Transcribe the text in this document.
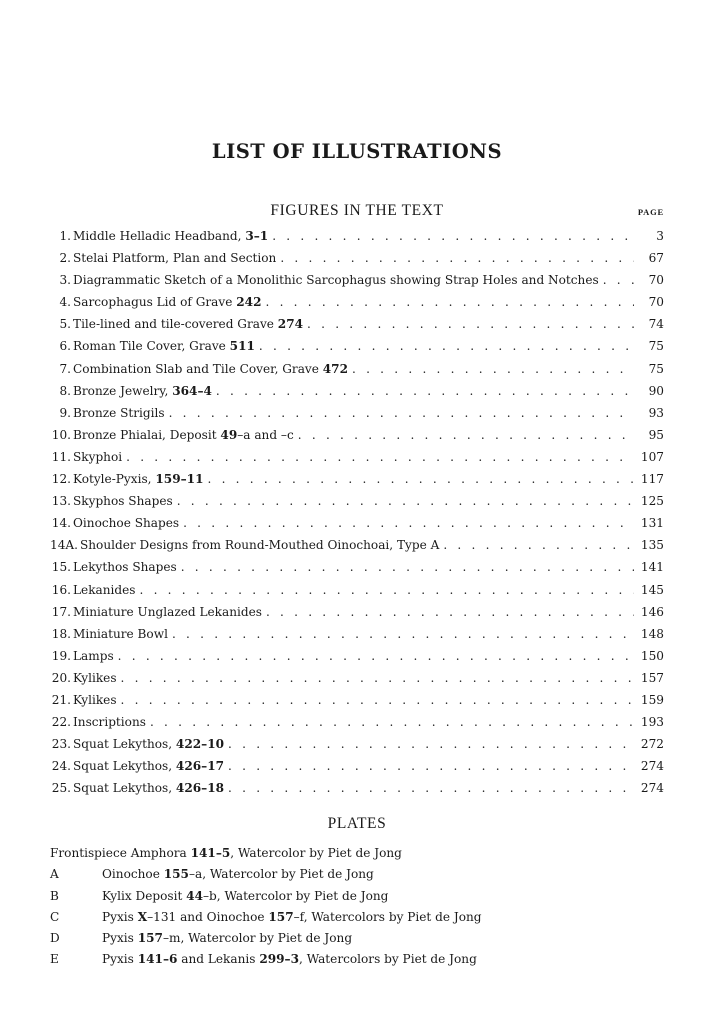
LIST OF ILLUSTRATIONS
FIGURES IN THE TEXT	PAGE
1. Middle Helladic Headband, 3–1 . . .	3
2. Stelai Platform, Plan and Section . . .	67
3. Diagrammatic Sketch of a Monolithic Sarcophagus showing Strap Holes and Notches . . .	70
4. Sarcophagus Lid of Grave 242 . . .	70
5. Tile-lined and tile-covered Grave 274 . . .	74
6. Roman Tile Cover, Grave 511 . . .	75
7. Combination Slab and Tile Cover, Grave 472 . . .	75
8. Bronze Jewelry, 364–4 . . .	90
9. Bronze Strigils . . .	93
10. Bronze Phialai, Deposit 49–a and –c . . .	95
11. Skyphoi . . .	107
12. Kotyle-Pyxis, 159–11 . . .	117
13. Skyphos Shapes . . .	125
14. Oinochoe Shapes . . .	131
14A. Shoulder Designs from Round-Mouthed Oinochoai, Type A . . .	135
15. Lekythos Shapes . . .	141
16. Lekanides . . .	145
17. Miniature Unglazed Lekanides . . .	146
18. Miniature Bowl . . .	148
19. Lamps . . .	150
20. Kylikes . . .	157
21. Kylikes . . .	159
22. Inscriptions . . .	193
23. Squat Lekythos, 422–10 . . .	272
24. Squat Lekythos, 426–17 . . .	274
25. Squat Lekythos, 426–18 . . .	274
PLATES
Frontispiece Amphora 141–5, Watercolor by Piet de Jong
A	Oinochoe 155–a, Watercolor by Piet de Jong
B	Kylix Deposit 44–b, Watercolor by Piet de Jong
C	Pyxis X–131 and Oinochoe 157–f, Watercolors by Piet de Jong
D	Pyxis 157–m, Watercolor by Piet de Jong
E	Pyxis 141–6 and Lekanis 299–3, Watercolors by Piet de Jong
